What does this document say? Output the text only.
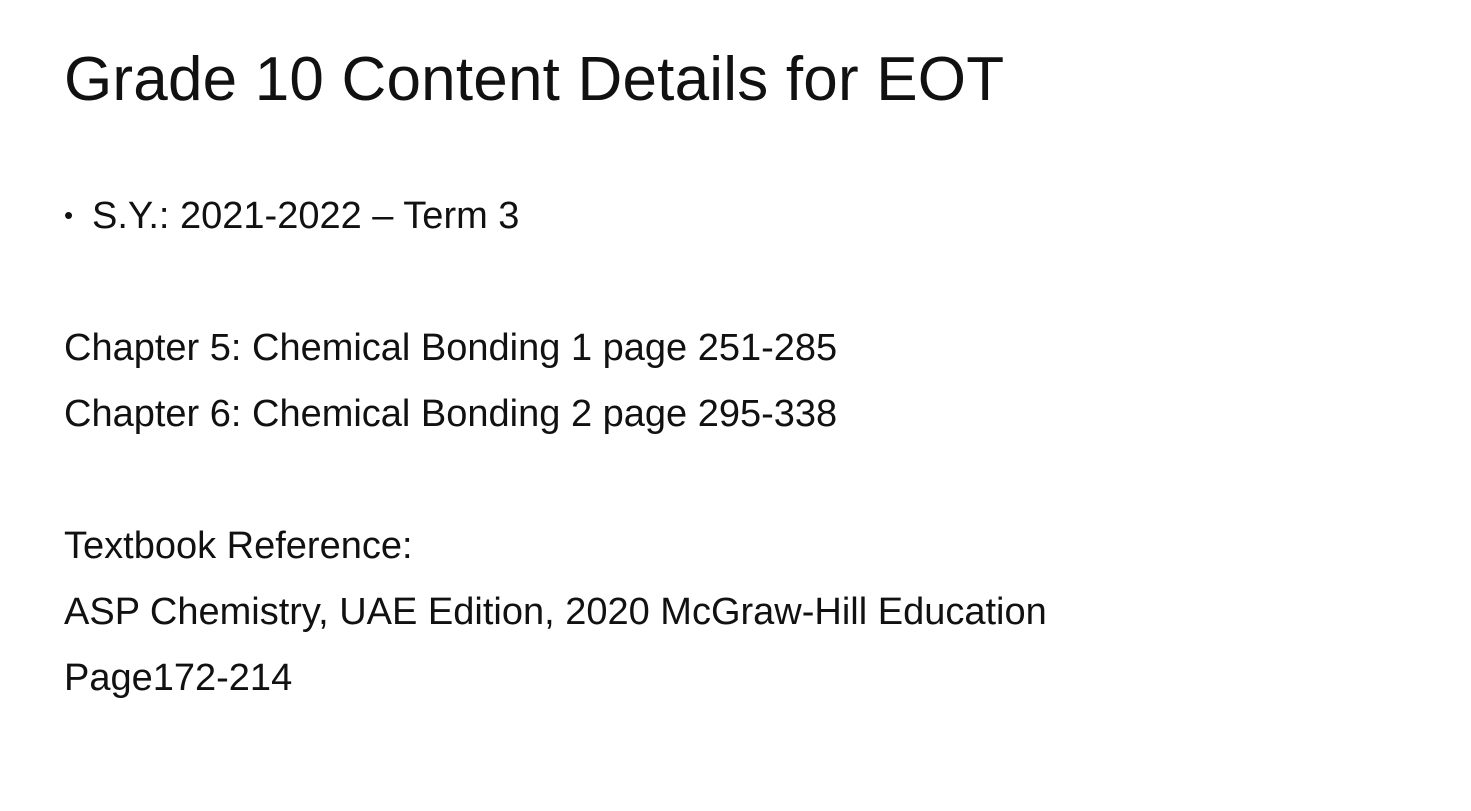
Grade 10 Content Details for EOT
• S.Y.: 2021-2022 – Term 3
Chapter 5: Chemical Bonding 1 page 251-285
Chapter 6: Chemical Bonding 2 page 295-338
Textbook Reference:
ASP Chemistry, UAE Edition, 2020 McGraw-Hill Education
Page172-214
